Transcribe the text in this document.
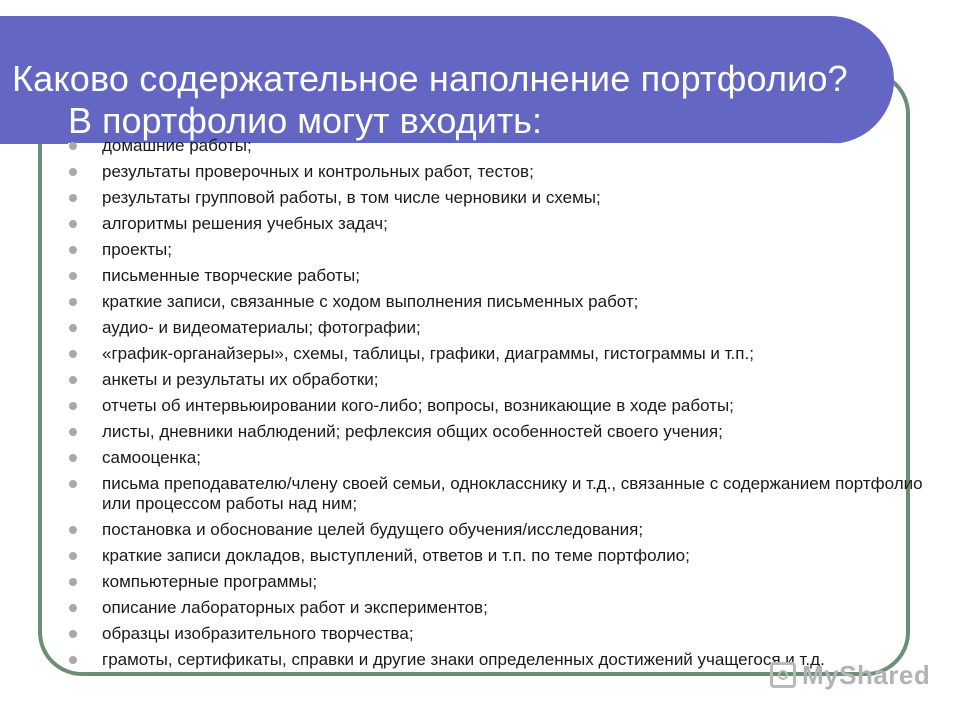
Каково содержательное наполнение портфолио?
В портфолио могут входить:
домашние работы;
результаты проверочных и контрольных работ, тестов;
результаты групповой работы, в том числе черновики и схемы;
алгоритмы решения учебных задач;
проекты;
письменные творческие работы;
краткие записи, связанные с ходом выполнения письменных работ;
аудио- и видеоматериалы; фотографии;
«график-органайзеры», схемы, таблицы, графики, диаграммы, гистограммы и т.п.;
анкеты и результаты их обработки;
отчеты об интервьюировании кого-либо; вопросы, возникающие в ходе работы;
листы, дневники наблюдений; рефлексия общих особенностей своего учения;
самооценка;
письма преподавателю/члену своей семьи, однокласснику и т.д., связанные с содержанием портфолио или процессом работы над ним;
постановка и обоснование целей будущего обучения/исследования;
краткие записи докладов, выступлений, ответов и т.п. по теме портфолио;
компьютерные программы;
описание лабораторных работ и экспериментов;
образцы изобразительного творчества;
грамоты, сертификаты, справки и другие знаки определенных достижений учащегося и т.д.
MyShared
